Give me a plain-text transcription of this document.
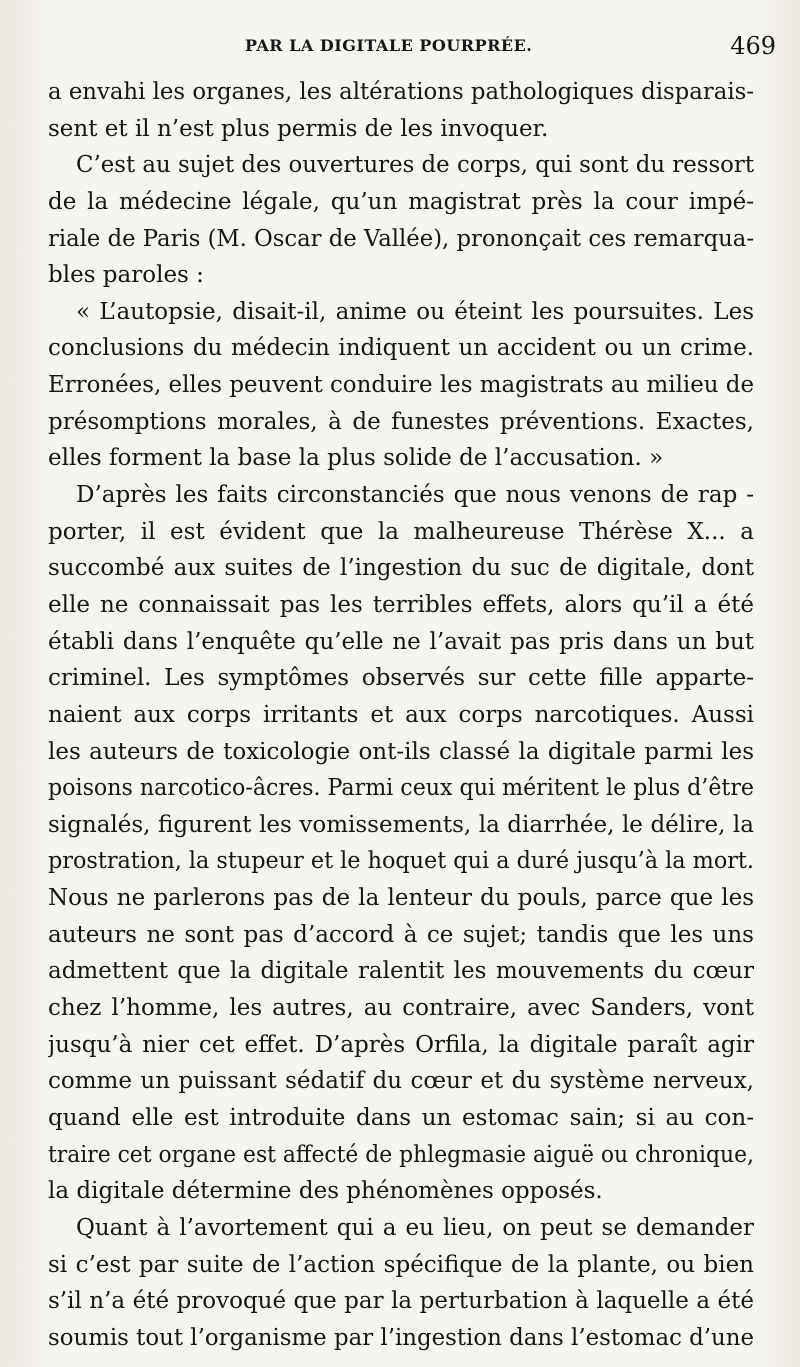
PAR LA DIGITALE POURPRÉE.	469
a envahi les organes, les altérations pathologiques disparais-
sent et il n’est plus permis de les invoquer.
C’est au sujet des ouvertures de corps, qui sont du ressort
de la médecine légale, qu’un magistrat près la cour impé-
riale de Paris (M. Oscar de Vallée), prononçait ces remarqua-
bles paroles :
« L’autopsie, disait-il, anime ou éteint les poursuites. Les
conclusions du médecin indiquent un accident ou un crime.
Erronées, elles peuvent conduire les magistrats au milieu de
présomptions morales, à de funestes préventions. Exactes,
elles forment la base la plus solide de l’accusation. »
D’après les faits circonstanciés que nous venons de rap -
porter, il est évident que la malheureuse Thérèse X... a
succombé aux suites de l’ingestion du suc de digitale, dont
elle ne connaissait pas les terribles effets, alors qu’il a été
établi dans l’enquête qu’elle ne l’avait pas pris dans un but
criminel. Les symptômes observés sur cette fille apparte-
naient aux corps irritants et aux corps narcotiques. Aussi
les auteurs de toxicologie ont-ils classé la digitale parmi les
poisons narcotico-âcres. Parmi ceux qui méritent le plus d’être
signalés, figurent les vomissements, la diarrhée, le délire, la
prostration, la stupeur et le hoquet qui a duré jusqu’à la mort.
Nous ne parlerons pas de la lenteur du pouls, parce que les
auteurs ne sont pas d’accord à ce sujet; tandis que les uns
admettent que la digitale ralentit les mouvements du cœur
chez l’homme, les autres, au contraire, avec Sanders, vont
jusqu’à nier cet effet. D’après Orfila, la digitale paraît agir
comme un puissant sédatif du cœur et du système nerveux,
quand elle est introduite dans un estomac sain; si au con-
traire cet organe est affecté de phlegmasie aiguë ou chronique,
la digitale détermine des phénomènes opposés.
Quant à l’avortement qui a eu lieu, on peut se demander
si c’est par suite de l’action spécifique de la plante, ou bien
s’il n’a été provoqué que par la perturbation à laquelle a été
soumis tout l’organisme par l’ingestion dans l’estomac d’une
